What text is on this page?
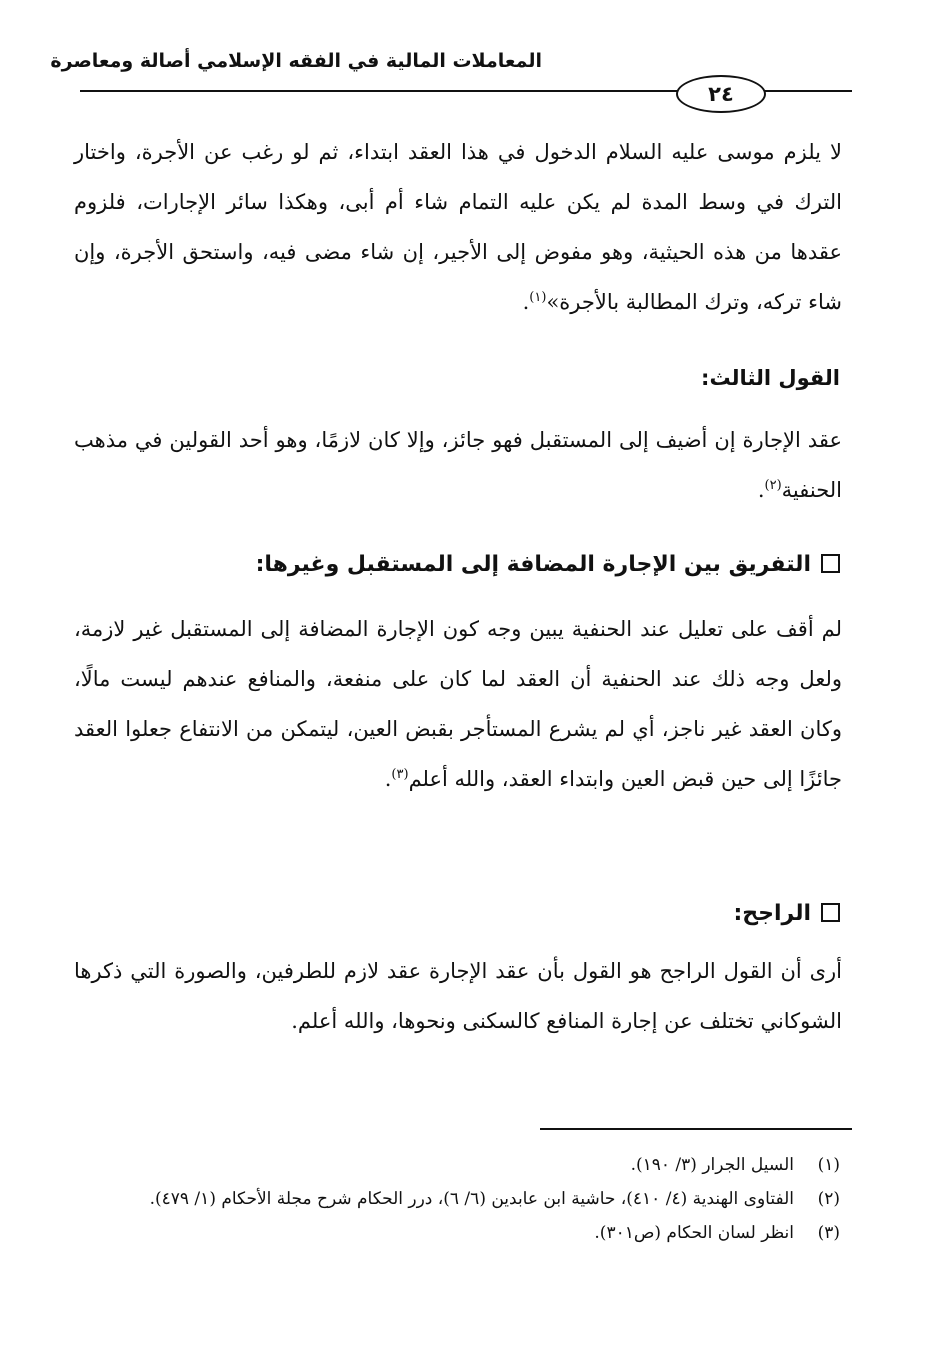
المعاملات المالية في الفقه الإسلامي أصالة ومعاصرة
٢٤

لا يلزم موسى عليه السلام الدخول في هذا العقد ابتداء، ثم لو رغب عن الأجرة، واختار الترك في وسط المدة لم يكن عليه التمام شاء أم أبى، وهكذا سائر الإجارات، فلزوم عقدها من هذه الحيثية، وهو مفوض إلى الأجير، إن شاء مضى فيه، واستحق الأجرة، وإن شاء تركه، وترك المطالبة بالأجرة»$^{(١)}$.

القول الثالث:

عقد الإجارة إن أضيف إلى المستقبل فهو جائز، وإلا كان لازمًا، وهو أحد القولين في مذهب الحنفية$^{(٢)}$.

التفريق بين الإجارة المضافة إلى المستقبل وغيرها:

لم أقف على تعليل عند الحنفية يبين وجه كون الإجارة المضافة إلى المستقبل غير لازمة، ولعل وجه ذلك عند الحنفية أن العقد لما كان على منفعة، والمنافع عندهم ليست مالًا، وكان العقد غير ناجز، أي لم يشرع المستأجر بقبض العين، ليتمكن من الانتفاع جعلوا العقد جائزًا إلى حين قبض العين وابتداء العقد، والله أعلم$^{(٣)}$.

الراجح:

أرى أن القول الراجح هو القول بأن عقد الإجارة عقد لازم للطرفين، والصورة التي ذكرها الشوكاني تختلف عن إجارة المنافع كالسكنى ونحوها، والله أعلم.

(١)
السيل الجرار (٣/ ١٩٠).
(٢)
الفتاوى الهندية (٤/ ٤١٠)، حاشية ابن عابدين (٦/ ٦)، درر الحكام شرح مجلة الأحكام (١/ ٤٧٩).
(٣)
انظر لسان الحكام (ص٣٠١).
